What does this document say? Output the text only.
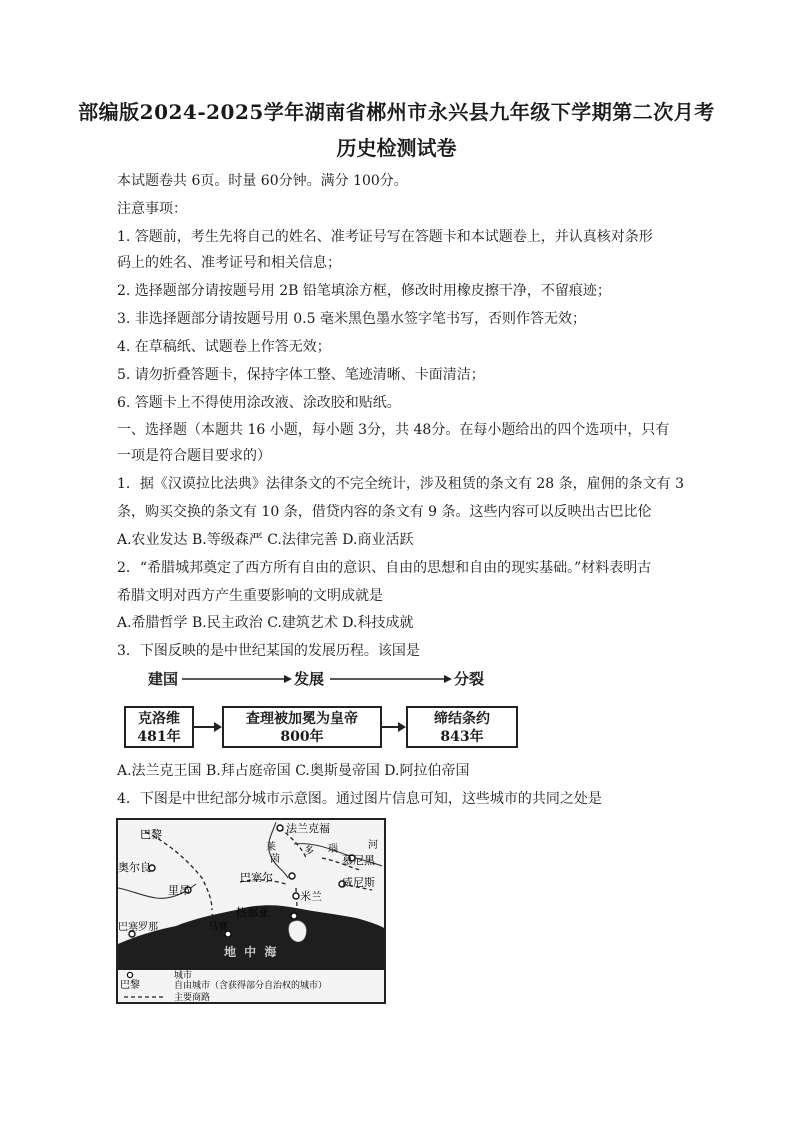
部编版2024-2025学年湖南省郴州市永兴县九年级下学期第二次月考
历史检测试卷
本试题卷共 6页。时量 60分钟。满分 100分。
注意事项：
1. 答题前，考生先将自己的姓名、准考证号写在答题卡和本试题卷上，并认真核对条形
码上的姓名、准考证号和相关信息；
2. 选择题部分请按题号用 2B 铅笔填涂方框，修改时用橡皮擦干净，不留痕迹；
3. 非选择题部分请按题号用 0.5 毫米黑色墨水签字笔书写，否则作答无效；
4. 在草稿纸、试题卷上作答无效；
5. 请勿折叠答题卡，保持字体工整、笔迹清晰、卡面清洁；
6. 答题卡上不得使用涂改液、涂改胶和贴纸。
一、选择题（本题共 16 小题，每小题 3分，共 48分。在每小题给出的四个选项中，只有
一项是符合题目要求的）
1．据《汉谟拉比法典》法律条文的不完全统计，涉及租赁的条文有 28 条，雇佣的条文有 3
条，购买交换的条文有 10 条，借贷内容的条文有 9 条。这些内容可以反映出古巴比伦
A.农业发达 B.等级森严 C.法律完善 D.商业活跃
2．“希腊城邦奠定了西方所有自由的意识、自由的思想和自由的现实基础。”材料表明古
希腊文明对西方产生重要影响的文明成就是
A.希腊哲学 B.民主政治 C.建筑艺术 D.科技成就
3．下图反映的是中世纪某国的发展历程。该国是
建国	发展	分裂
克洛维
481年
查理被加冕为皇帝
800年
缔结条约
843年
A.法兰克王国 B.拜占庭帝国 C.奥斯曼帝国 D.阿拉伯帝国
4．下图是中世纪部分城市示意图。通过图片信息可知，这些城市的共同之处是
巴黎	法兰克福
奥尔良
慕尼黑
里昂
巴塞尔
米兰
威尼斯
热那亚
马赛
巴塞罗那
莱
茵
多 瑙	河
地 中 海
巴黎
城市
自由城市（含获得部分自治权的城市）
主要商路
